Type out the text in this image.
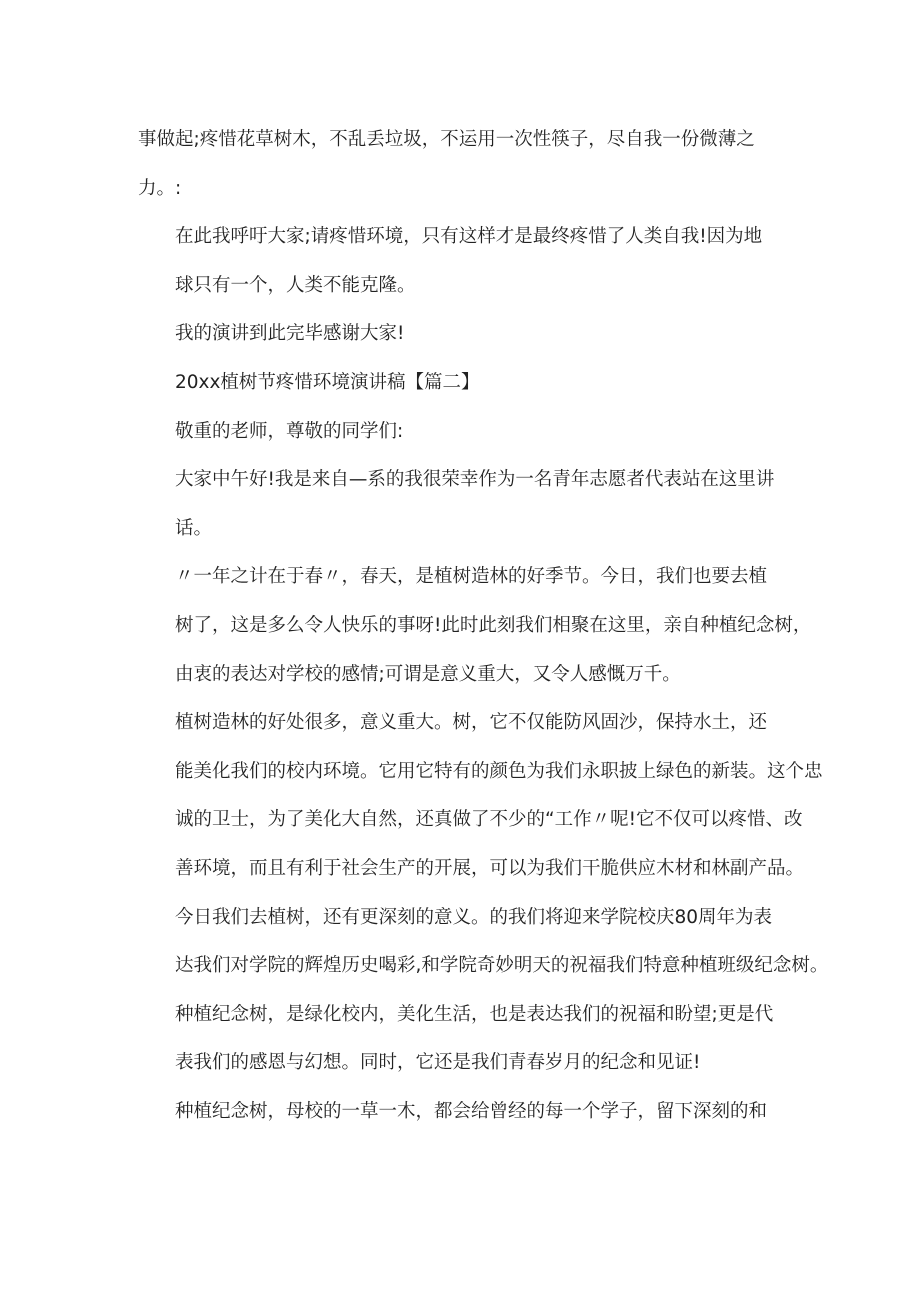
事做起;疼惜花草树木，不乱丢垃圾，不运用一次性筷子，尽自我一份微薄之
力。:

在此我呼吁大家;请疼惜环境，只有这样才是最终疼惜了人类自我!因为地
球只有一个，人类不能克隆。

我的演讲到此完毕感谢大家!

20xx植树节疼惜环境演讲稿【篇二】

敬重的老师，尊敬的同学们:

大家中午好!我是来自—系的我很荣幸作为一名青年志愿者代表站在这里讲
话。

〃一年之计在于春〃，春天，是植树造林的好季节。今日，我们也要去植
树了，这是多么令人快乐的事呀!此时此刻我们相聚在这里，亲自种植纪念树，
由衷的表达对学校的感情;可谓是意义重大，又令人感慨万千。

植树造林的好处很多，意义重大。树，它不仅能防风固沙，保持水土，还
能美化我们的校内环境。它用它特有的颜色为我们永职披上绿色的新装。这个忠
诚的卫士，为了美化大自然，还真做了不少的“工作〃呢!它不仅可以疼惜、改
善环境，而且有利于社会生产的开展，可以为我们干脆供应木材和林副产品。

今日我们去植树，还有更深刻的意义。的我们将迎来学院校庆80周年为表
达我们对学院的辉煌历史喝彩,和学院奇妙明天的祝福我们特意种植班级纪念树。

种植纪念树，是绿化校内，美化生活，也是表达我们的祝福和盼望;更是代
表我们的感恩与幻想。同时，它还是我们青春岁月的纪念和见证!

种植纪念树，母校的一草一木，都会给曾经的每一个学子，留下深刻的和
